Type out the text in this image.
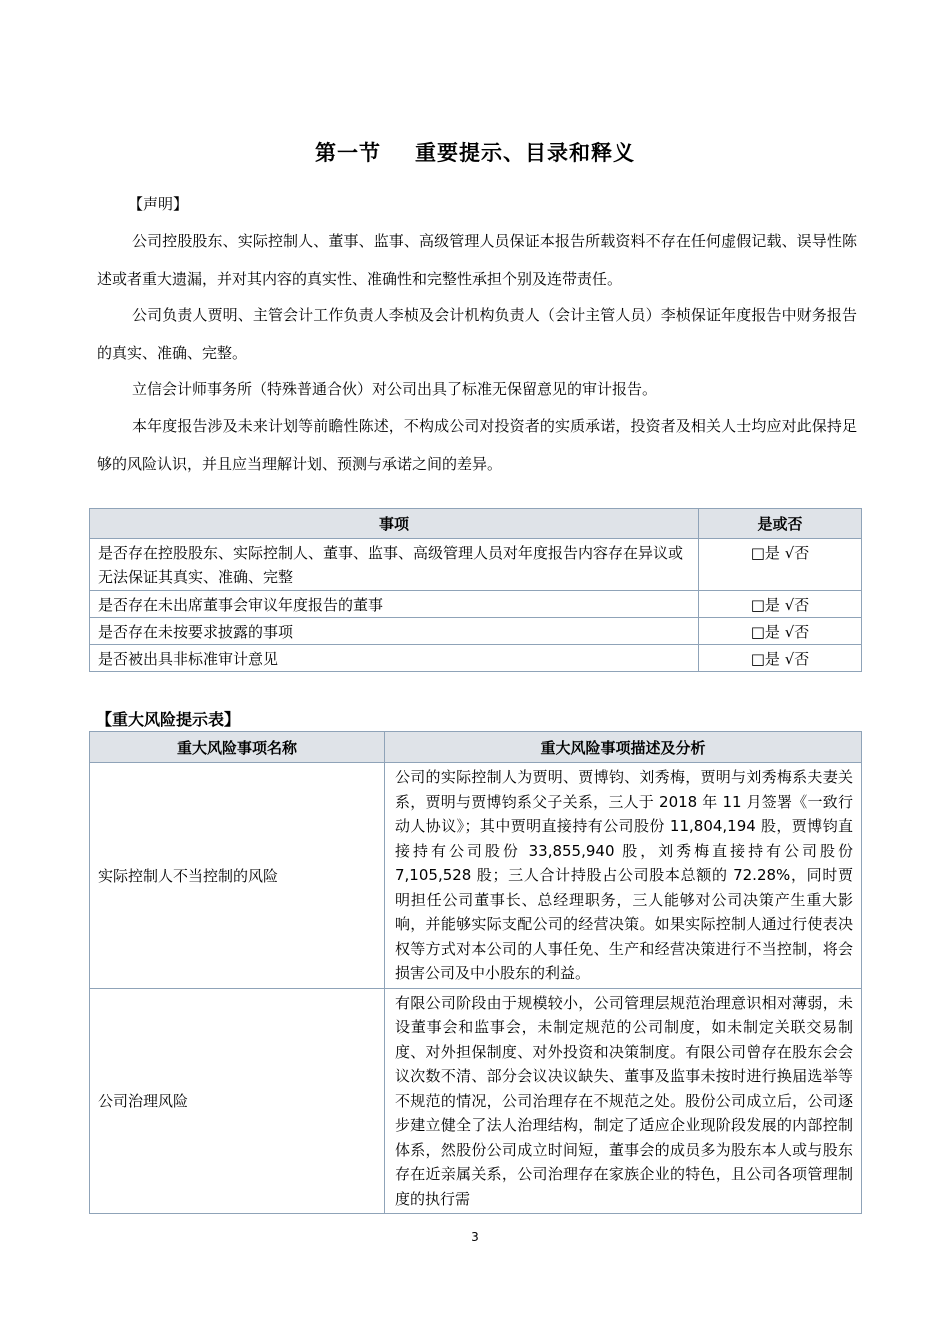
第一节 重要提示、目录和释义
【声明】

公司控股股东、实际控制人、董事、监事、高级管理人员保证本报告所载资料不存在任何虚假记载、误导性陈述或者重大遗漏，并对其内容的真实性、准确性和完整性承担个别及连带责任。

公司负责人贾明、主管会计工作负责人李桢及会计机构负责人（会计主管人员）李桢保证年度报告中财务报告的真实、准确、完整。

立信会计师事务所（特殊普通合伙）对公司出具了标准无保留意见的审计报告。

本年度报告涉及未来计划等前瞻性陈述，不构成公司对投资者的实质承诺，投资者及相关人士均应对此保持足够的风险认识，并且应当理解计划、预测与承诺之间的差异。

事项	是或否
是否存在控股股东、实际控制人、董事、监事、高级管理人员对年度报告内容存在异议或无法保证其真实、准确、完整	□是 √否
是否存在未出席董事会审议年度报告的董事	□是 √否
是否存在未按要求披露的事项	□是 √否
是否被出具非标准审计意见	□是 √否
【重大风险提示表】
重大风险事项名称	重大风险事项描述及分析
实际控制人不当控制的风险	公司的实际控制人为贾明、贾博钧、刘秀梅，贾明与刘秀梅系夫妻关系，贾明与贾博钧系父子关系，三人于 2018 年 11 月签署《一致行动人协议》；其中贾明直接持有公司股份 11,804,194 股，贾博钧直接持有公司股份 33,855,940 股，刘秀梅直接持有公司股份 7,105,528 股；三人合计持股占公司股本总额的 72.28%，同时贾明担任公司董事长、总经理职务，三人能够对公司决策产生重大影响，并能够实际支配公司的经营决策。如果实际控制人通过行使表决权等方式对本公司的人事任免、生产和经营决策进行不当控制，将会损害公司及中小股东的利益。
公司治理风险	有限公司阶段由于规模较小，公司管理层规范治理意识相对薄弱，未设董事会和监事会，未制定规范的公司制度，如未制定关联交易制度、对外担保制度、对外投资和决策制度。有限公司曾存在股东会会议次数不清、部分会议决议缺失、董事及监事未按时进行换届选举等不规范的情况，公司治理存在不规范之处。股份公司成立后，公司逐步建立健全了法人治理结构，制定了适应企业现阶段发展的内部控制体系，然股份公司成立时间短，董事会的成员多为股东本人或与股东存在近亲属关系，公司治理存在家族企业的特色，且公司各项管理制度的执行需
3
